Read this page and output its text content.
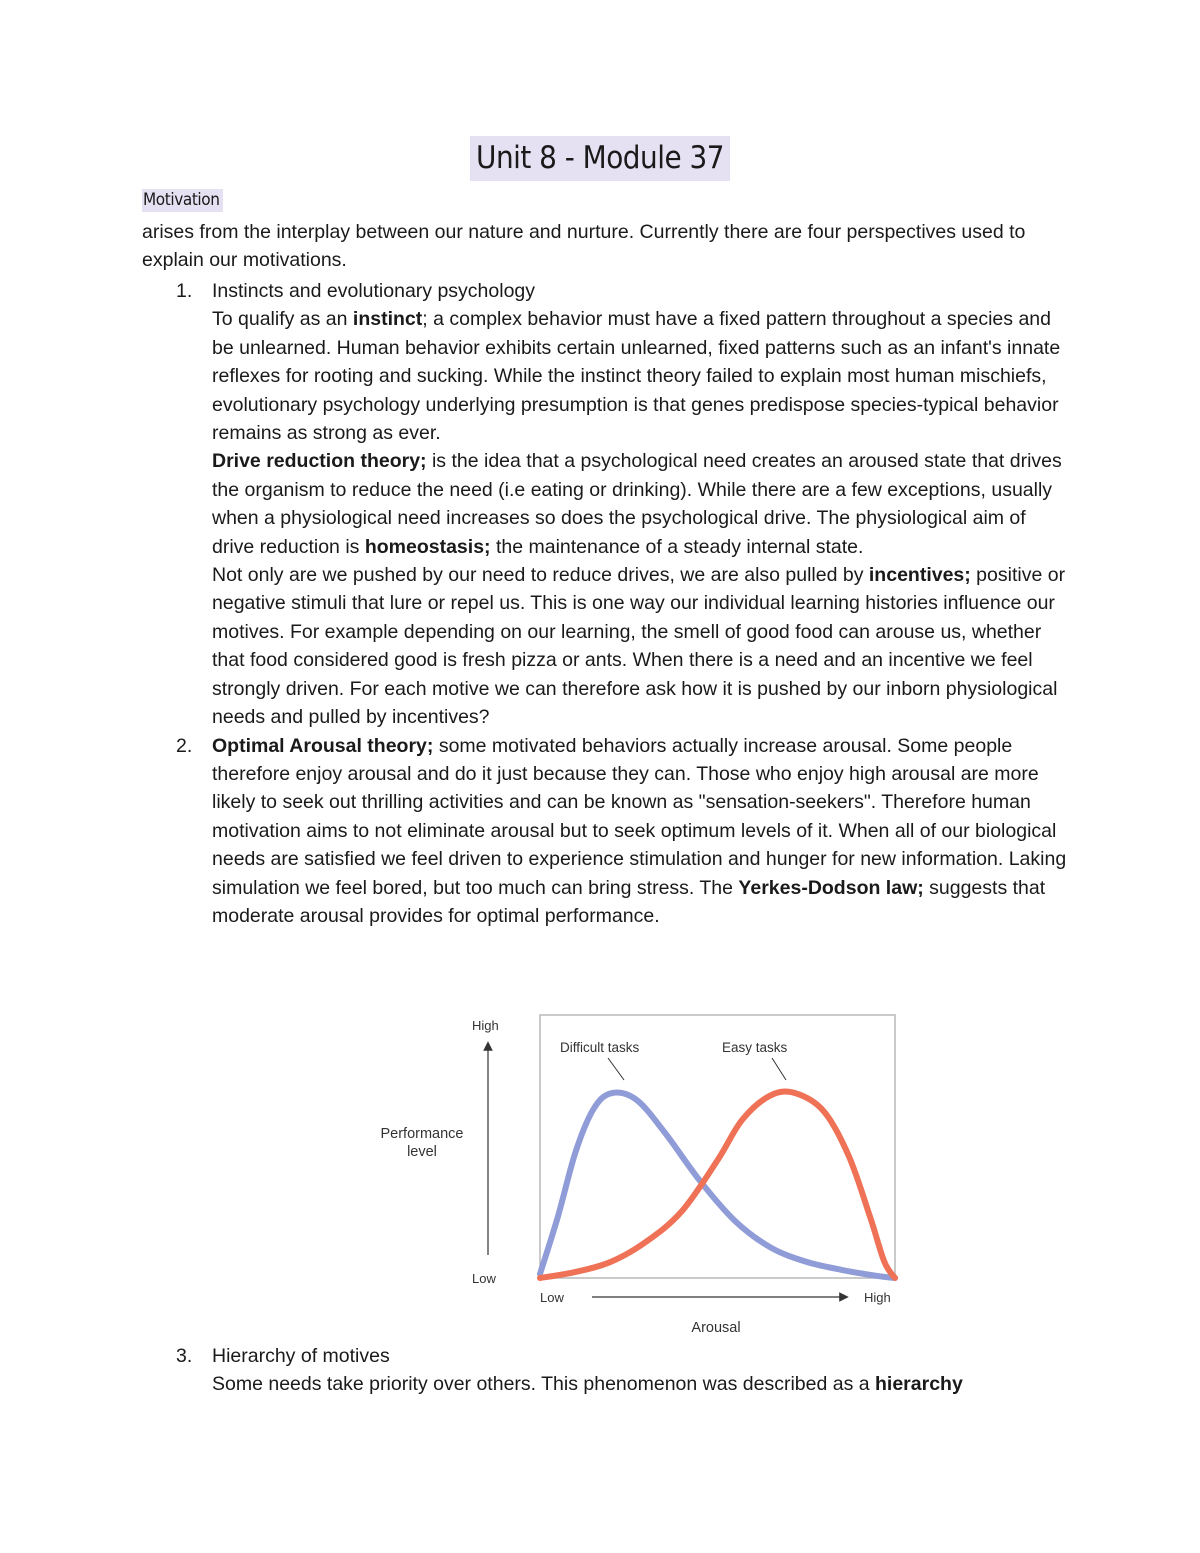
Unit 8 - Module 37
Motivation
arises from the interplay between our nature and nurture. Currently there are four perspectives used to explain our motivations.
1. Instincts and evolutionary psychology

To qualify as an instinct; a complex behavior must have a fixed pattern throughout a species and be unlearned. Human behavior exhibits certain unlearned, fixed patterns such as an infant's innate reflexes for rooting and sucking. While the instinct theory failed to explain most human mischiefs, evolutionary psychology underlying presumption is that genes predispose species-typical behavior remains as strong as ever.

Drive reduction theory; is the idea that a psychological need creates an aroused state that drives the organism to reduce the need (i.e eating or drinking). While there are a few exceptions, usually when a physiological need increases so does the psychological drive. The physiological aim of drive reduction is homeostasis; the maintenance of a steady internal state.

Not only are we pushed by our need to reduce drives, we are also pulled by incentives; positive or negative stimuli that lure or repel us. This is one way our individual learning histories influence our motives. For example depending on our learning, the smell of good food can arouse us, whether that food considered good is fresh pizza or ants. When there is a need and an incentive we feel strongly driven. For each motive we can therefore ask how it is pushed by our inborn physiological needs and pulled by incentives?

2. Optimal Arousal theory; some motivated behaviors actually increase arousal. Some people therefore enjoy arousal and do it just because they can. Those who enjoy high arousal are more likely to seek out thrilling activities and can be known as "sensation-seekers". Therefore human motivation aims to not eliminate arousal but to seek optimum levels of it. When all of our biological needs are satisfied we feel driven to experience stimulation and hunger for new information. Laking simulation we feel bored, but too much can bring stress. The Yerkes-Dodson law; suggests that moderate arousal provides for optimal performance.

High
Low
Low	High
Performance level
Arousal
Difficult tasks	Easy tasks
3. Hierarchy of motives

Some needs take priority over others. This phenomenon was described as a hierarchy
